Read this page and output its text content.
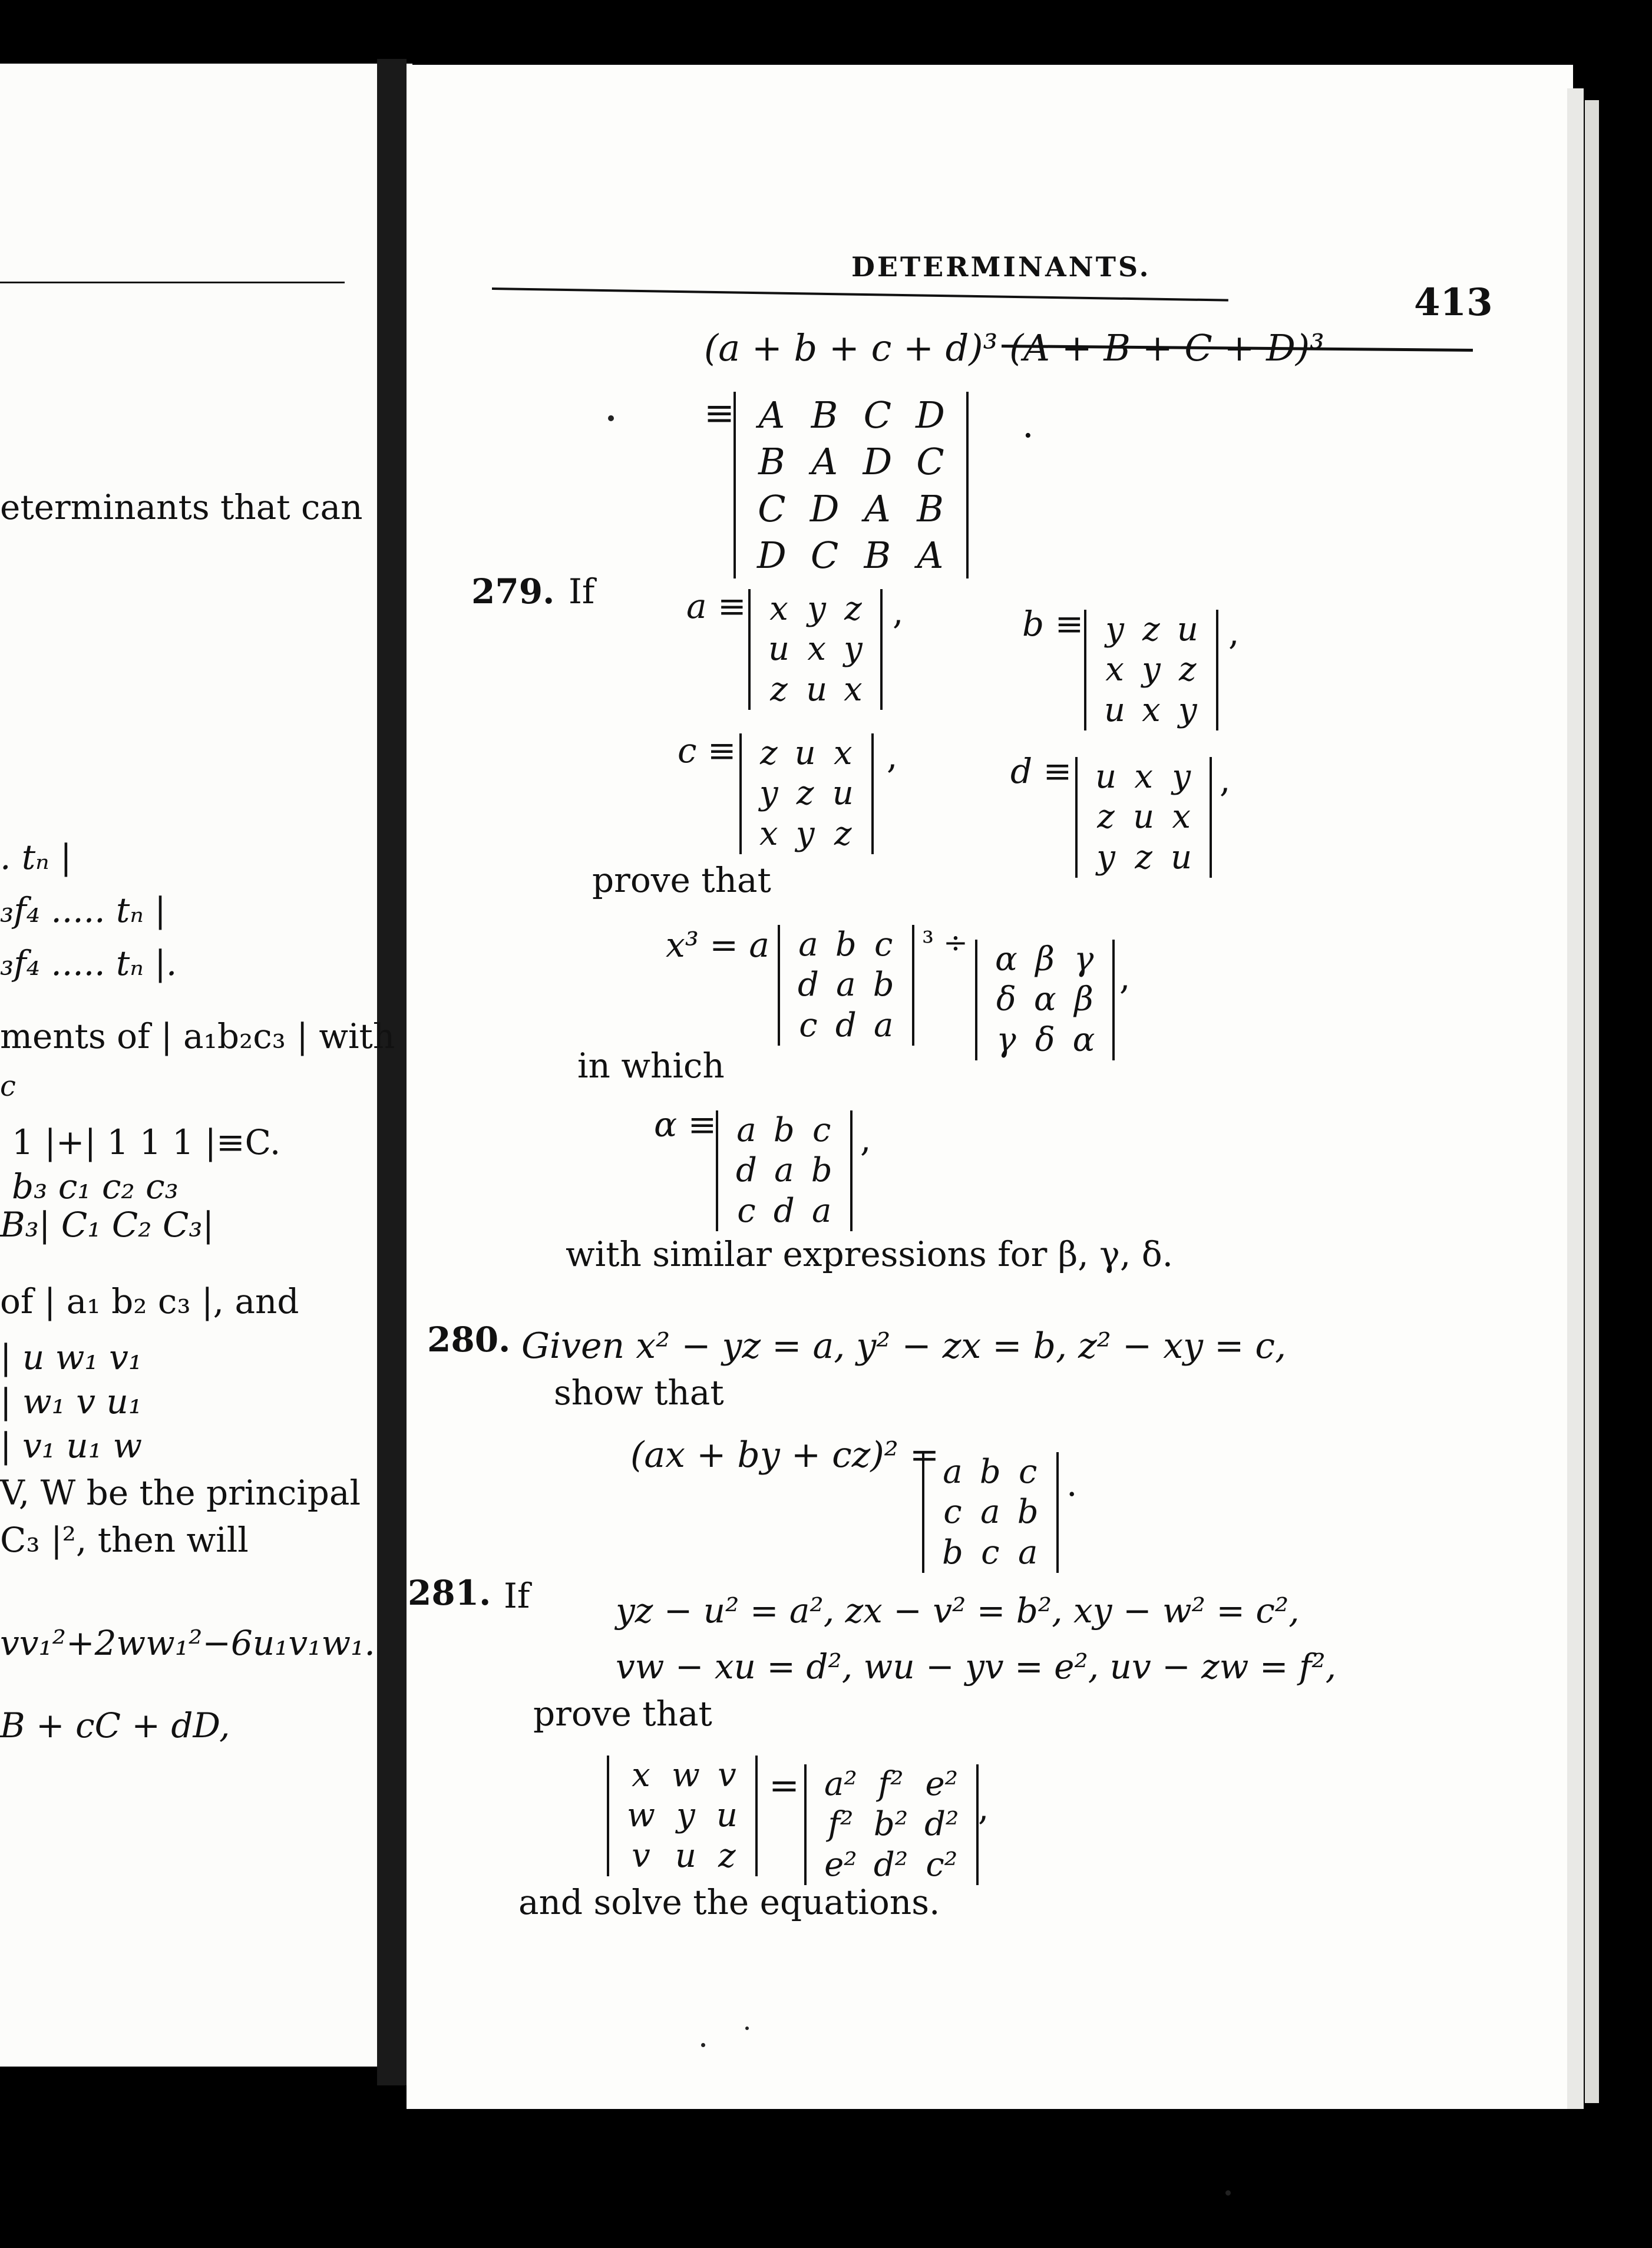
eterminants that can
. tₙ |
₃f₄ ..... tₙ |
₃f₄ ..... tₙ |.
ments of | a₁b₂c₃ | with
c
1 |+| 1 1 1 |≡C.
b₃ c₁ c₂ c₃
B₃| C₁ C₂ C₃|
of | a₁ b₂ c₃ |, and
| u w₁ v₁
| w₁ v u₁
| v₁ u₁ w
V, W be the principal
C₃ |², then will
vv₁²+2ww₁²−6u₁v₁w₁.
B + cC + dD,
DETERMINANTS.
413
(a + b + c + d)³ (A + B + C + D)³
≡ A	B	C	D
B	A	D	C
C	D	A	B
D	C	B	A
.
279. If	a ≡ x	y	z
u	x	y
z	u	x
,	b ≡ y	z	u
x	y	z
u	x	y
,
c ≡ z	u	x
y	z	u
x	y	z
,	d ≡ u	x	y
z	u	x
y	z	u
,
prove that
x³ = a a	b	c
d	a	b
c	d	a
³ ÷ α	β	γ
δ	α	β
γ	δ	α
,
in which
α ≡ a	b	c
d	a	b
c	d	a
,
with similar expressions for β, γ, δ.
280. Given x² − yz = a, y² − zx = b, z² − xy = c,
show that
(ax + by + cz)² = a	b	c
c	a	b
b	c	a
.
281. If	yz − u² = a², zx − v² = b², xy − w² = c²,
vw − xu = d², wu − yv = e², uv − zw = f²,
prove that
x	w	v
w	y	u
v	u	z
= a²	f²	e²
f²	b²	d²
e²	d²	c²
,
and solve the equations.
